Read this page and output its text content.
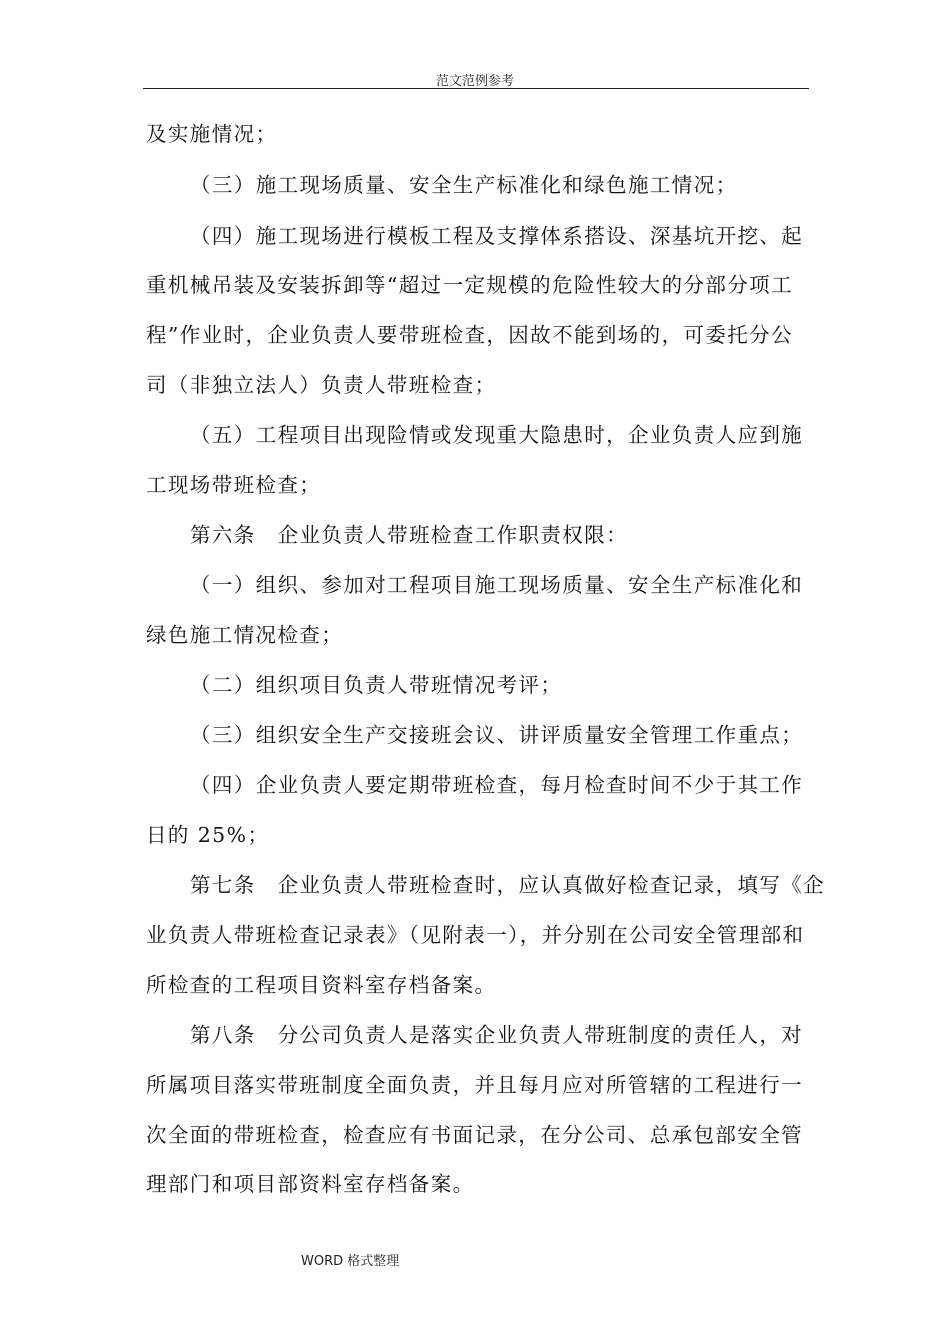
范文范例参考
及实施情况；
（三）施工现场质量、安全生产标准化和绿色施工情况；
（四）施工现场进行模板工程及支撑体系搭设、深基坑开挖、起
重机械吊装及安装拆卸等“超过一定规模的危险性较大的分部分项工
程”作业时，企业负责人要带班检查，因故不能到场的，可委托分公
司（非独立法人）负责人带班检查；
（五）工程项目出现险情或发现重大隐患时，企业负责人应到施
工现场带班检查；
第六条　企业负责人带班检查工作职责权限：
（一）组织、参加对工程项目施工现场质量、安全生产标准化和
绿色施工情况检查；
（二）组织项目负责人带班情况考评；
（三）组织安全生产交接班会议、讲评质量安全管理工作重点；
（四）企业负责人要定期带班检查，每月检查时间不少于其工作
日的 25%；
第七条　企业负责人带班检查时，应认真做好检查记录，填写《企
业负责人带班检查记录表》（见附表一），并分别在公司安全管理部和
所检查的工程项目资料室存档备案。
第八条　分公司负责人是落实企业负责人带班制度的责任人，对
所属项目落实带班制度全面负责，并且每月应对所管辖的工程进行一
次全面的带班检查，检查应有书面记录，在分公司、总承包部安全管
理部门和项目部资料室存档备案。
WORD 格式整理
